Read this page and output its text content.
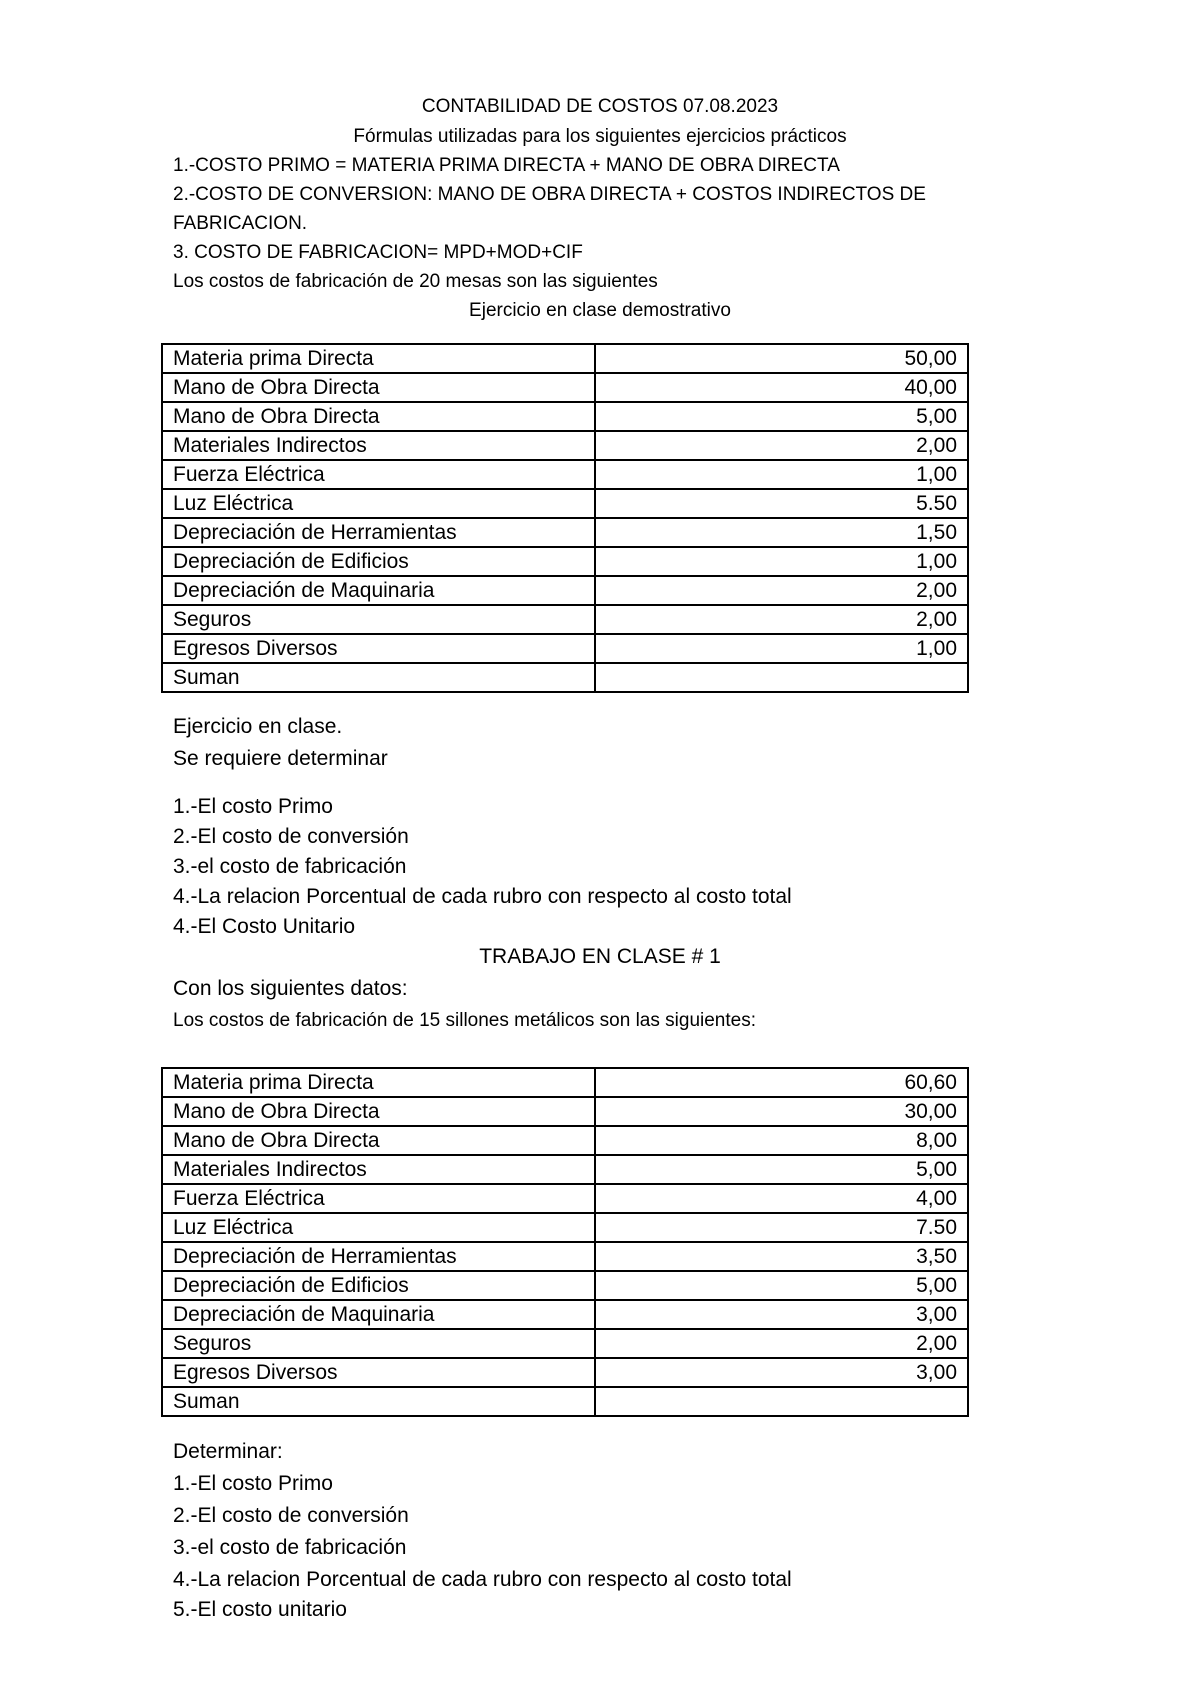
CONTABILIDAD DE COSTOS 07.08.2023
Fórmulas utilizadas para los siguientes ejercicios prácticos
1.-COSTO PRIMO = MATERIA PRIMA DIRECTA + MANO DE OBRA DIRECTA
2.-COSTO DE CONVERSION: MANO DE OBRA DIRECTA + COSTOS INDIRECTOS DE
FABRICACION.
3. COSTO DE FABRICACION= MPD+MOD+CIF
Los costos de fabricación de 20 mesas son las siguientes
Ejercicio en clase demostrativo
Materia prima Directa	50,00
Mano de Obra Directa	40,00
Mano de Obra Directa	5,00
Materiales Indirectos	2,00
Fuerza Eléctrica	1,00
Luz Eléctrica	5.50
Depreciación de Herramientas	1,50
Depreciación de Edificios	1,00
Depreciación de Maquinaria	2,00
Seguros	2,00
Egresos Diversos	1,00
Suman	
Ejercicio en clase.
Se requiere determinar
1.-El costo Primo
2.-El costo de conversión
3.-el costo de fabricación
4.-La relacion Porcentual de cada rubro con respecto al costo total
4.-El Costo Unitario
TRABAJO EN CLASE # 1
Con los siguientes datos:
Los costos de fabricación de 15 sillones metálicos son las siguientes:
Materia prima Directa	60,60
Mano de Obra Directa	30,00
Mano de Obra Directa	8,00
Materiales Indirectos	5,00
Fuerza Eléctrica	4,00
Luz Eléctrica	7.50
Depreciación de Herramientas	3,50
Depreciación de Edificios	5,00
Depreciación de Maquinaria	3,00
Seguros	2,00
Egresos Diversos	3,00
Suman	
Determinar:
1.-El costo Primo
2.-El costo de conversión
3.-el costo de fabricación
4.-La relacion Porcentual de cada rubro con respecto al costo total
5.-El costo unitario
